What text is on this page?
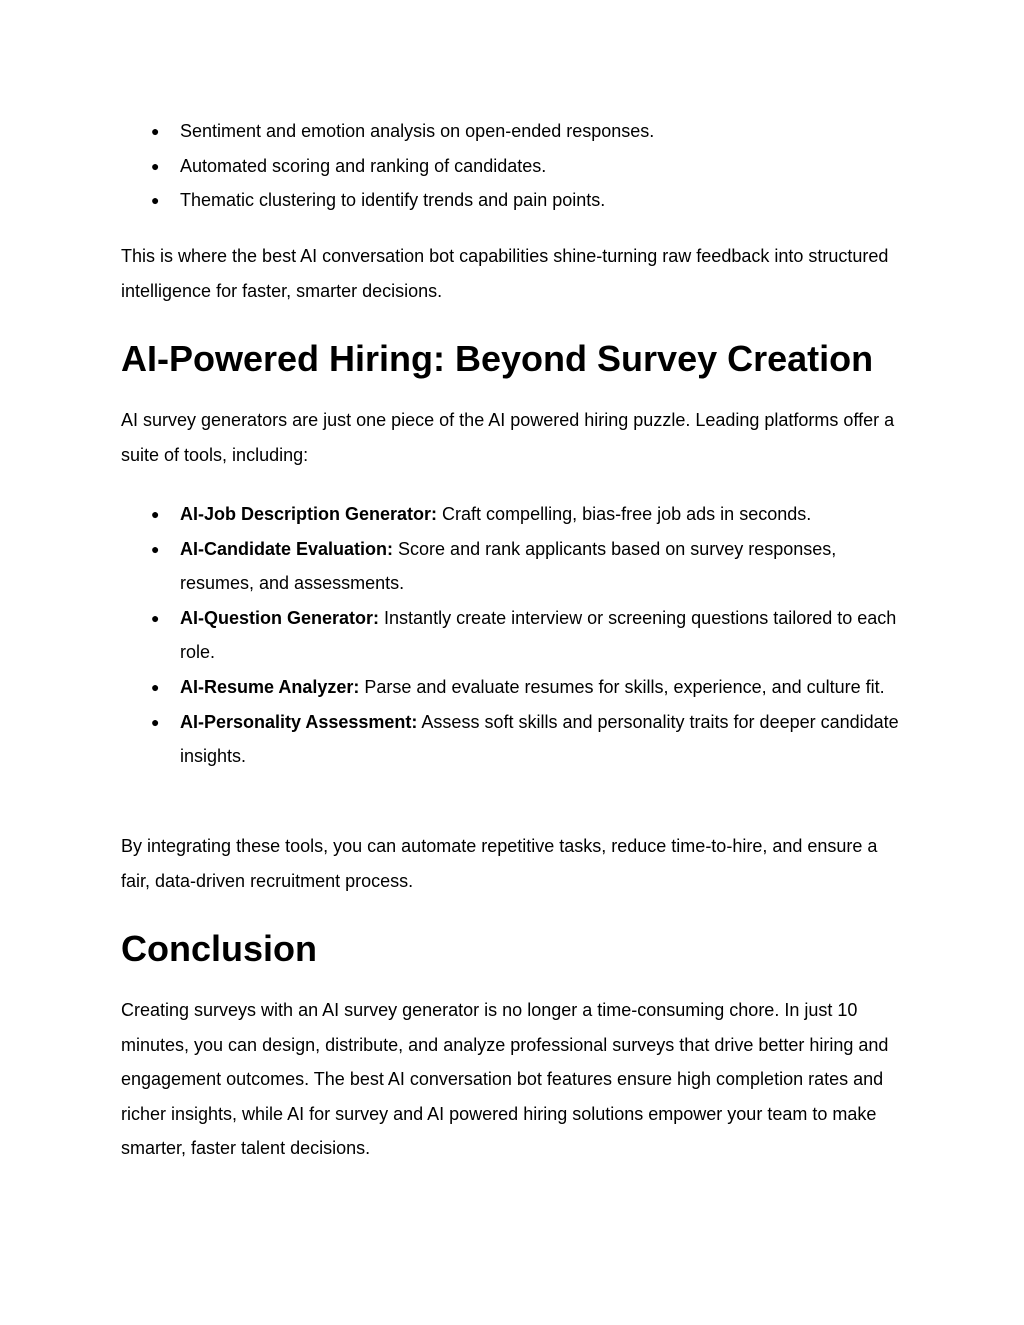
● Sentiment and emotion analysis on open-ended responses.
● Automated scoring and ranking of candidates.
● Thematic clustering to identify trends and pain points.

This is where the best AI conversation bot capabilities shine-turning raw feedback into structured intelligence for faster, smarter decisions.

AI-Powered Hiring: Beyond Survey Creation

AI survey generators are just one piece of the AI powered hiring puzzle. Leading platforms offer a suite of tools, including:

● AI-Job Description Generator: Craft compelling, bias-free job ads in seconds.
● AI-Candidate Evaluation: Score and rank applicants based on survey responses, resumes, and assessments.
● AI-Question Generator: Instantly create interview or screening questions tailored to each role.
● AI-Resume Analyzer: Parse and evaluate resumes for skills, experience, and culture fit.
● AI-Personality Assessment: Assess soft skills and personality traits for deeper candidate insights.

By integrating these tools, you can automate repetitive tasks, reduce time-to-hire, and ensure a fair, data-driven recruitment process.

Conclusion

Creating surveys with an AI survey generator is no longer a time-consuming chore. In just 10 minutes, you can design, distribute, and analyze professional surveys that drive better hiring and engagement outcomes. The best AI conversation bot features ensure high completion rates and richer insights, while AI for survey and AI powered hiring solutions empower your team to make smarter, faster talent decisions.
